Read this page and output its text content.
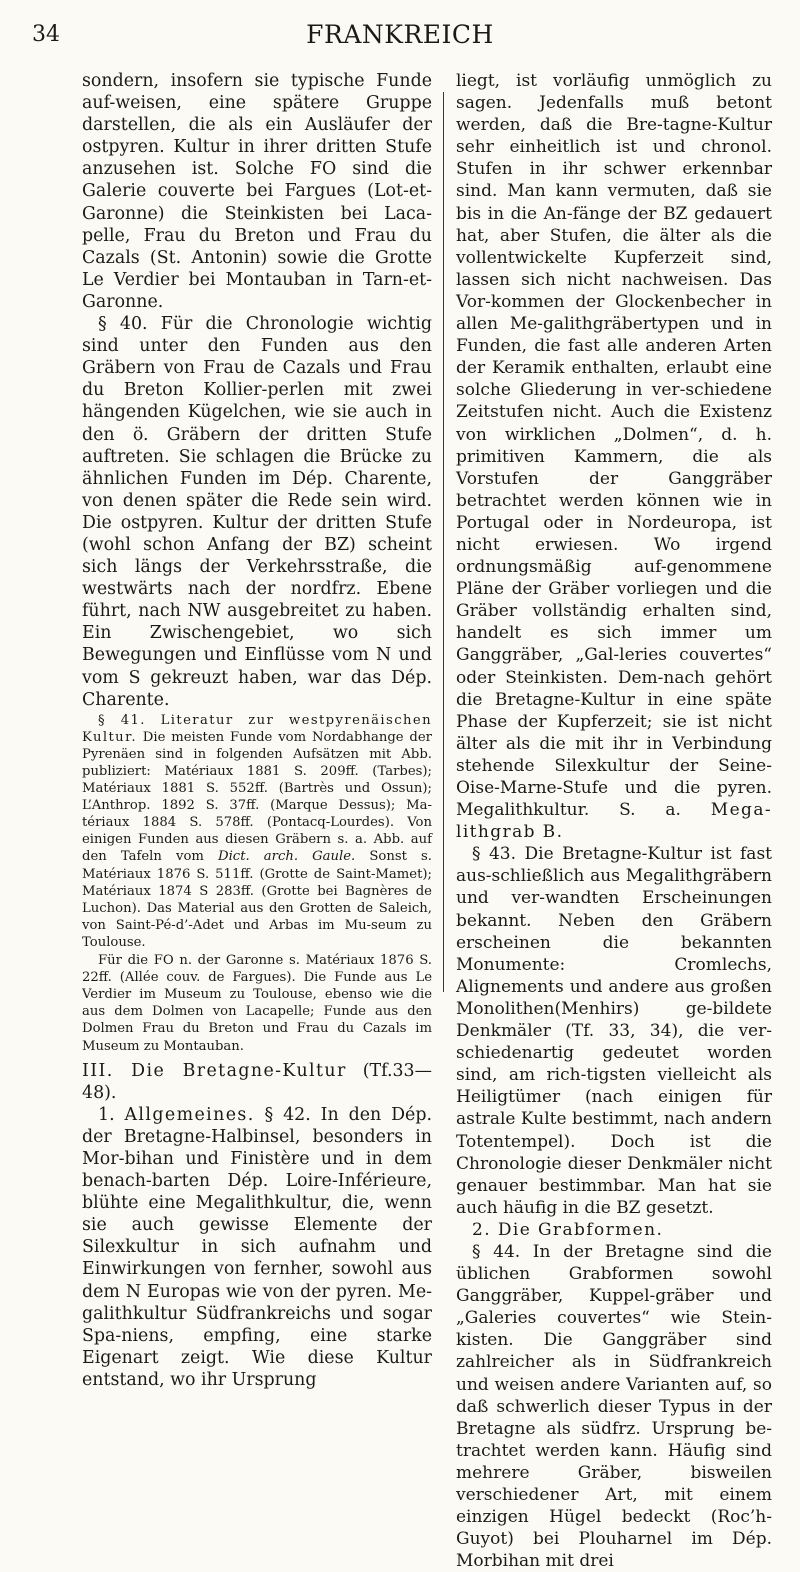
34	FRANKREICH

sondern, insofern sie typische Funde auf-weisen, eine spätere Gruppe darstellen, die als ein Ausläufer der ostpyren. Kultur in ihrer dritten Stufe anzusehen ist. Solche FO sind die Galerie couverte bei Fargues (Lot-et-Garonne) die Steinkisten bei Laca-pelle, Frau du Breton und Frau du Cazals (St. Antonin) sowie die Grotte Le Verdier bei Montauban in Tarn-et-Garonne.

§ 40. Für die Chronologie wichtig sind unter den Funden aus den Gräbern von Frau de Cazals und Frau du Breton Kollier-perlen mit zwei hängenden Kügelchen, wie sie auch in den ö. Gräbern der dritten Stufe auftreten. Sie schlagen die Brücke zu ähnlichen Funden im Dép. Charente, von denen später die Rede sein wird. Die ostpyren. Kultur der dritten Stufe (wohl schon Anfang der BZ) scheint sich längs der Verkehrsstraße, die westwärts nach der nordfrz. Ebene führt, nach NW ausgebreitet zu haben. Ein Zwischengebiet, wo sich Bewegungen und Einflüsse vom N und vom S gekreuzt haben, war das Dép. Charente.

§ 41. Literatur zur westpyrenäischen Kultur. Die meisten Funde vom Nordabhange der Pyrenäen sind in folgenden Aufsätzen mit Abb. publiziert: Matériaux 1881 S. 209ff. (Tarbes); Matériaux 1881 S. 552ff. (Bartrès und Ossun); L’Anthrop. 1892 S. 37ff. (Marque Dessus); Ma-tériaux 1884 S. 578ff. (Pontacq-Lourdes). Von einigen Funden aus diesen Gräbern s. a. Abb. auf den Tafeln vom Dict. arch. Gaule. Sonst s. Matériaux 1876 S. 511ff. (Grotte de Saint-Mamet); Matériaux 1874 S 283ff. (Grotte bei Bagnères de Luchon). Das Material aus den Grotten de Saleich, von Saint-Pé-d’-Adet und Arbas im Mu-seum zu Toulouse.

Für die FO n. der Garonne s. Matériaux 1876 S. 22ff. (Allée couv. de Fargues). Die Funde aus Le Verdier im Museum zu Toulouse, ebenso wie die aus dem Dolmen von Lacapelle; Funde aus den Dolmen Frau du Breton und Frau du Cazals im Museum zu Montauban.

III. Die Bretagne-Kultur (Tf.33—48).

1. Allgemeines. § 42. In den Dép. der Bretagne-Halbinsel, besonders in Mor-bihan und Finistère und in dem benach-barten Dép. Loire-Inférieure, blühte eine Megalithkultur, die, wenn sie auch gewisse Elemente der Silexkultur in sich aufnahm und Einwirkungen von fernher, sowohl aus dem N Europas wie von der pyren. Me-galithkultur Südfrankreichs und sogar Spa-niens, empfing, eine starke Eigenart zeigt. Wie diese Kultur entstand, wo ihr Ursprung

liegt, ist vorläufig unmöglich zu sagen. Jedenfalls muß betont werden, daß die Bre-tagne-Kultur sehr einheitlich ist und chronol. Stufen in ihr schwer erkennbar sind. Man kann vermuten, daß sie bis in die An-fänge der BZ gedauert hat, aber Stufen, die älter als die vollentwickelte Kupferzeit sind, lassen sich nicht nachweisen. Das Vor-kommen der Glockenbecher in allen Me-galithgräbertypen und in Funden, die fast alle anderen Arten der Keramik enthalten, erlaubt eine solche Gliederung in ver-schiedene Zeitstufen nicht. Auch die Existenz von wirklichen „Dolmen“, d. h. primitiven Kammern, die als Vorstufen der Ganggräber betrachtet werden können wie in Portugal oder in Nordeuropa, ist nicht erwiesen. Wo irgend ordnungsmäßig auf-genommene Pläne der Gräber vorliegen und die Gräber vollständig erhalten sind, handelt es sich immer um Ganggräber, „Gal-leries couvertes“ oder Steinkisten. Dem-nach gehört die Bretagne-Kultur in eine späte Phase der Kupferzeit; sie ist nicht älter als die mit ihr in Verbindung stehende Silexkultur der Seine-Oise-Marne-Stufe und die pyren. Megalithkultur. S. a. Mega-lithgrab B.

§ 43. Die Bretagne-Kultur ist fast aus-schließlich aus Megalithgräbern und ver-wandten Erscheinungen bekannt. Neben den Gräbern erscheinen die bekannten Monumente: Cromlechs, Alignements und andere aus großen Monolithen(Menhirs) ge-bildete Denkmäler (Tf. 33, 34), die ver-schiedenartig gedeutet worden sind, am rich-tigsten vielleicht als Heiligtümer (nach einigen für astrale Kulte bestimmt, nach andern Totentempel). Doch ist die Chronologie dieser Denkmäler nicht genauer bestimmbar. Man hat sie auch häufig in die BZ gesetzt.

2. Die Grabformen.

§ 44. In der Bretagne sind die üblichen Grabformen sowohl Ganggräber, Kuppel-gräber und „Galeries couvertes“ wie Stein-kisten. Die Ganggräber sind zahlreicher als in Südfrankreich und weisen andere Varianten auf, so daß schwerlich dieser Typus in der Bretagne als südfrz. Ursprung be-trachtet werden kann. Häufig sind mehrere Gräber, bisweilen verschiedener Art, mit einem einzigen Hügel bedeckt (Roc’h-Guyot) bei Plouharnel im Dép. Morbihan mit drei
